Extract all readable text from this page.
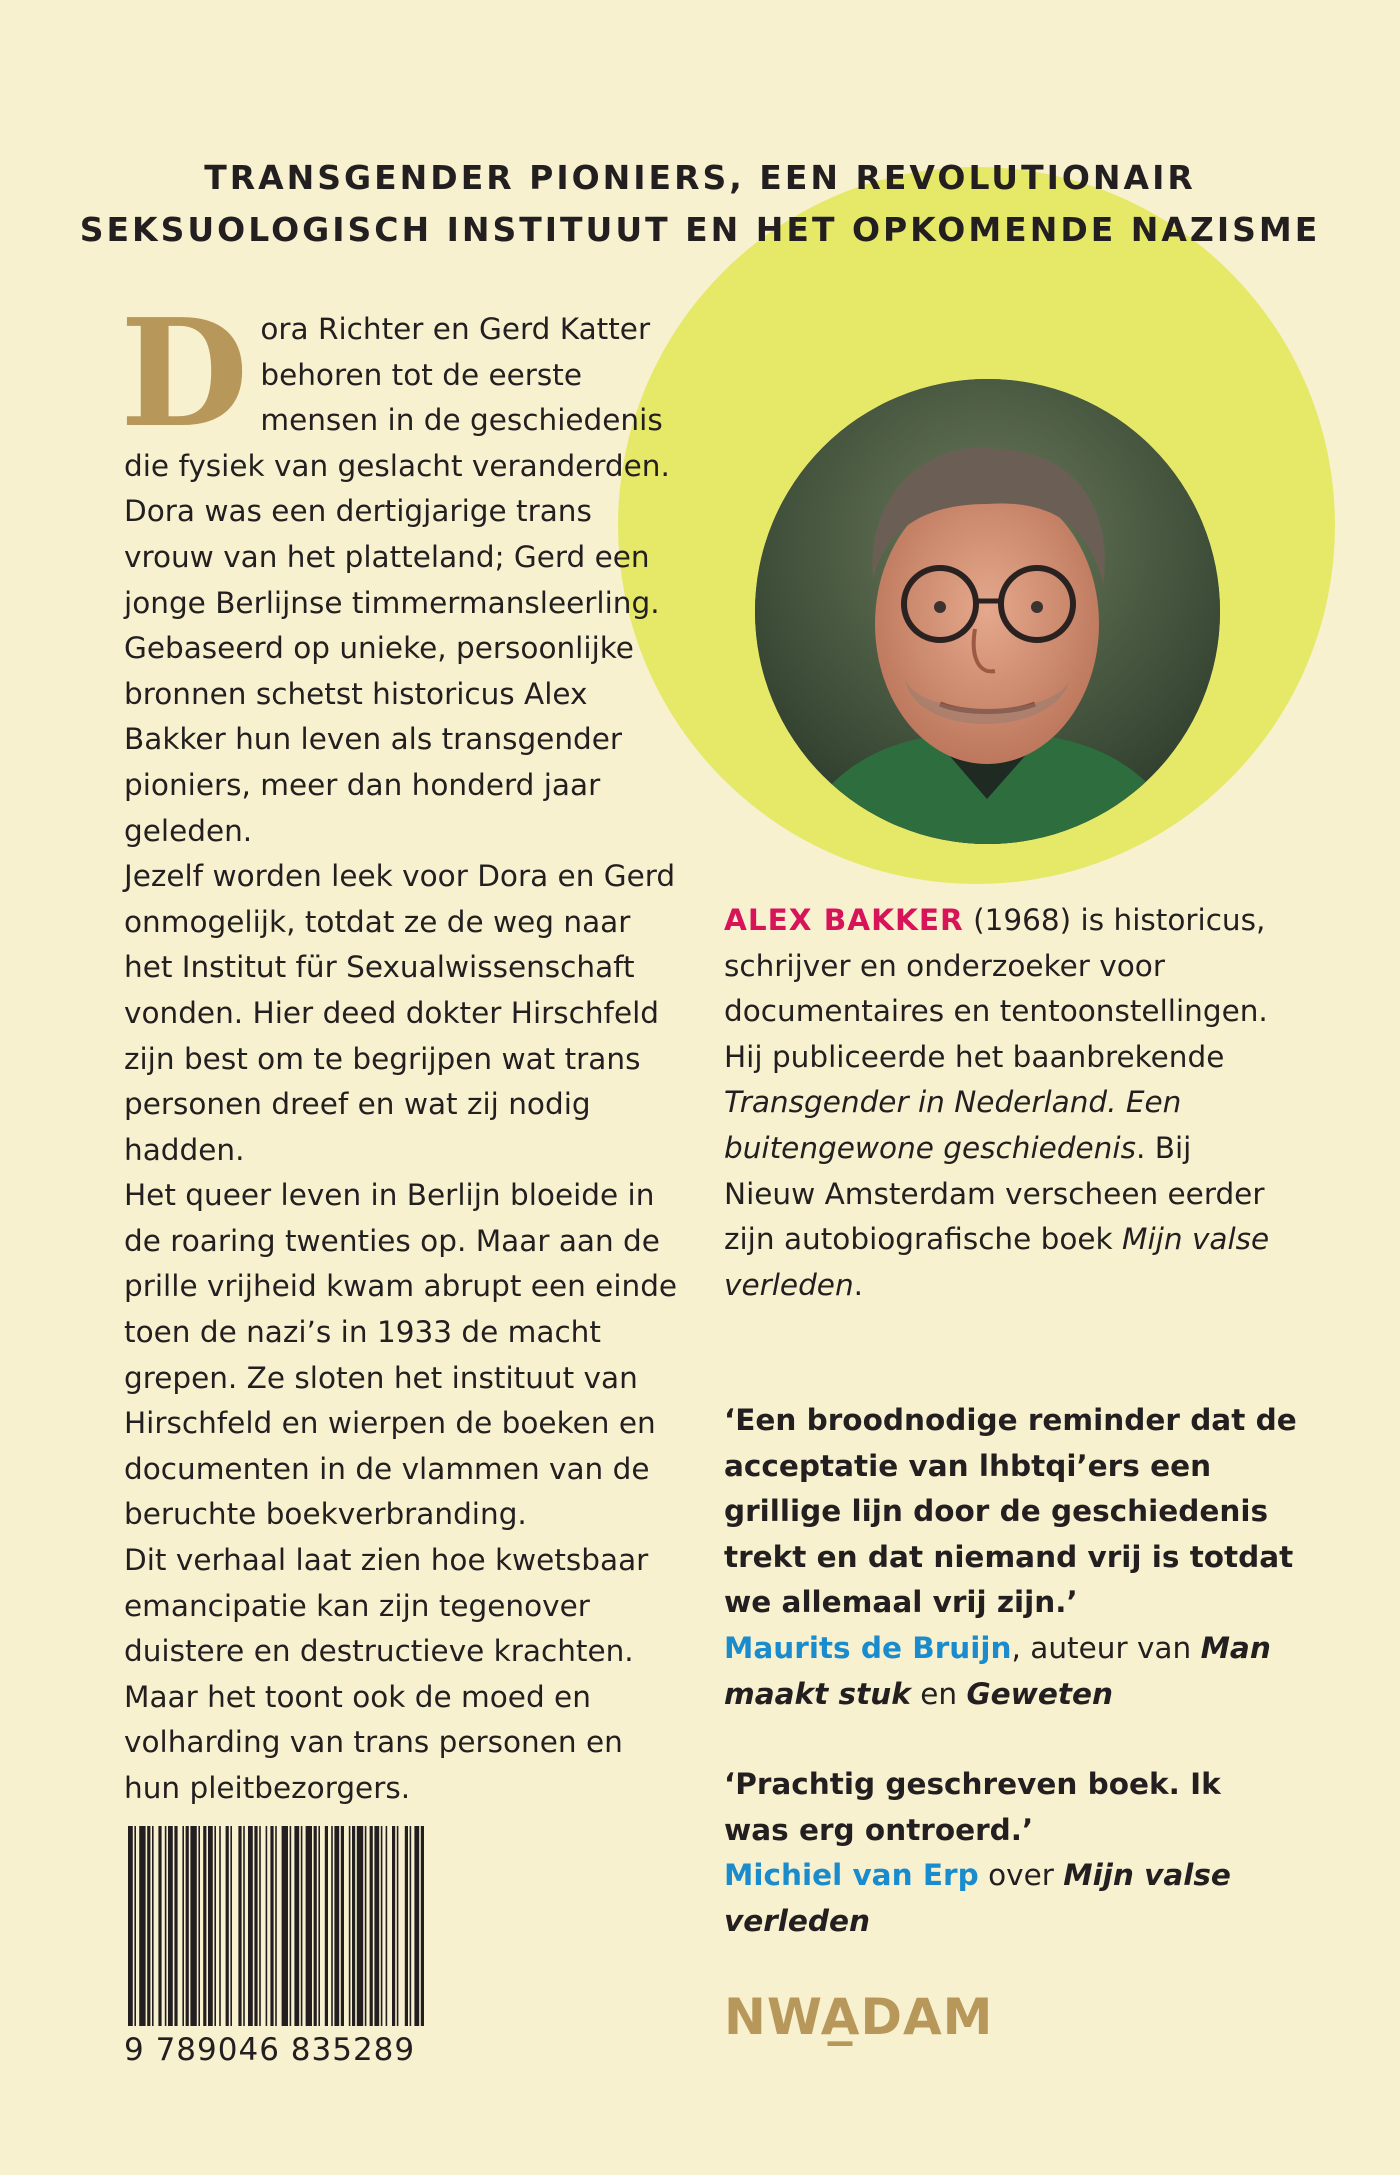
TRANSGENDER PIONIERS, EEN REVOLUTIONAIR
SEKSUOLOGISCH INSTITUUT EN HET OPKOMENDE NAZISME

Dora Richter en Gerd Katter behoren tot de eerste mensen in de geschiedenis die fysiek van geslacht veranderden. Dora was een dertigjarige trans vrouw van het platteland; Gerd een jonge Berlijnse timmermansleerling. Gebaseerd op unieke, persoonlijke bronnen schetst historicus Alex Bakker hun leven als transgender pioniers, meer dan honderd jaar geleden.

Jezelf worden leek voor Dora en Gerd onmogelijk, totdat ze de weg naar het Institut für Sexualwissenschaft vonden. Hier deed dokter Hirschfeld zijn best om te begrijpen wat trans personen dreef en wat zij nodig hadden.

Het queer leven in Berlijn bloeide in de roaring twenties op. Maar aan de prille vrijheid kwam abrupt een einde toen de nazi’s in 1933 de macht grepen. Ze sloten het instituut van Hirschfeld en wierpen de boeken en documenten in de vlammen van de beruchte boekverbranding.

Dit verhaal laat zien hoe kwetsbaar emancipatie kan zijn tegenover duistere en destructieve krachten. Maar het toont ook de moed en volharding van trans personen en hun pleitbezorgers.

ALEX BAKKER (1968) is historicus, schrijver en onderzoeker voor documentaires en tentoonstellingen. Hij publiceerde het baanbrekende Transgender in Nederland. Een buitengewone geschiedenis. Bij Nieuw Amsterdam verscheen eerder zijn autobiografische boek Mijn valse verleden.

‘Een broodnodige reminder dat de acceptatie van lhbtqi’ers een grillige lijn door de geschiedenis trekt en dat niemand vrij is totdat we allemaal vrij zijn.’

Maurits de Bruijn, auteur van Man maakt stuk en Geweten

‘Prachtig geschreven boek. Ik was erg ontroerd.’

Michiel van Erp over Mijn valse verleden

9 789046 835289
NWA̲DAM
